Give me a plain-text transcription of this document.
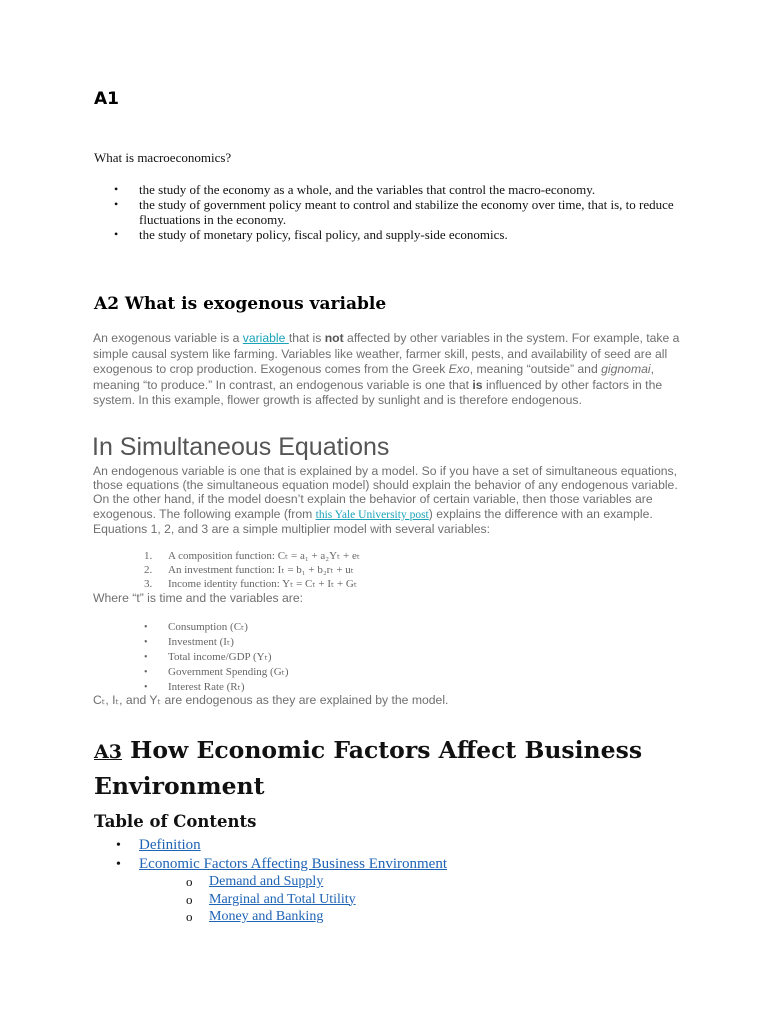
A1

What is macroeconomics?

• the study of the economy as a whole, and the variables that control the macro-economy.
• the study of government policy meant to control and stabilize the economy over time, that is, to reduce fluctuations in the economy.
• the study of monetary policy, fiscal policy, and supply-side economics.
A2 What is exogenous variable

An exogenous variable is a variable that is not affected by other variables in the system. For example, take a simple causal system like farming. Variables like weather, farmer skill, pests, and availability of seed are all exogenous to crop production. Exogenous comes from the Greek Exo, meaning “outside” and gignomai, meaning “to produce.” In contrast, an endogenous variable is one that is influenced by other factors in the system. In this example, flower growth is affected by sunlight and is therefore endogenous.

In Simultaneous Equations

An endogenous variable is one that is explained by a model. So if you have a set of simultaneous equations, those equations (the simultaneous equation model) should explain the behavior of any endogenous variable. On the other hand, if the model doesn’t explain the behavior of certain variable, then those variables are exogenous. The following example (from this Yale University post) explains the difference with an example. Equations 1, 2, and 3 are a simple multiplier model with several variables:

1. A composition function: Cₜ = a₁ + a₂Yₜ + eₜ
2. An investment function: Iₜ = b₁ + b₂rₜ + uₜ
3. Income identity function: Yₜ = Cₜ + Iₜ + Gₜ

Where “t” is time and the variables are:

• Consumption (Cₜ)
• Investment (Iₜ)
• Total income/GDP (Yₜ)
• Government Spending (Gₜ)
• Interest Rate (Rₜ)

Cₜ, Iₜ, and Yₜ are endogenous as they are explained by the model.

A3 How Economic Factors Affect Business Environment
Table of Contents
• Definition
• Economic Factors Affecting Business Environment
o Demand and Supply
o Marginal and Total Utility
o Money and Banking
